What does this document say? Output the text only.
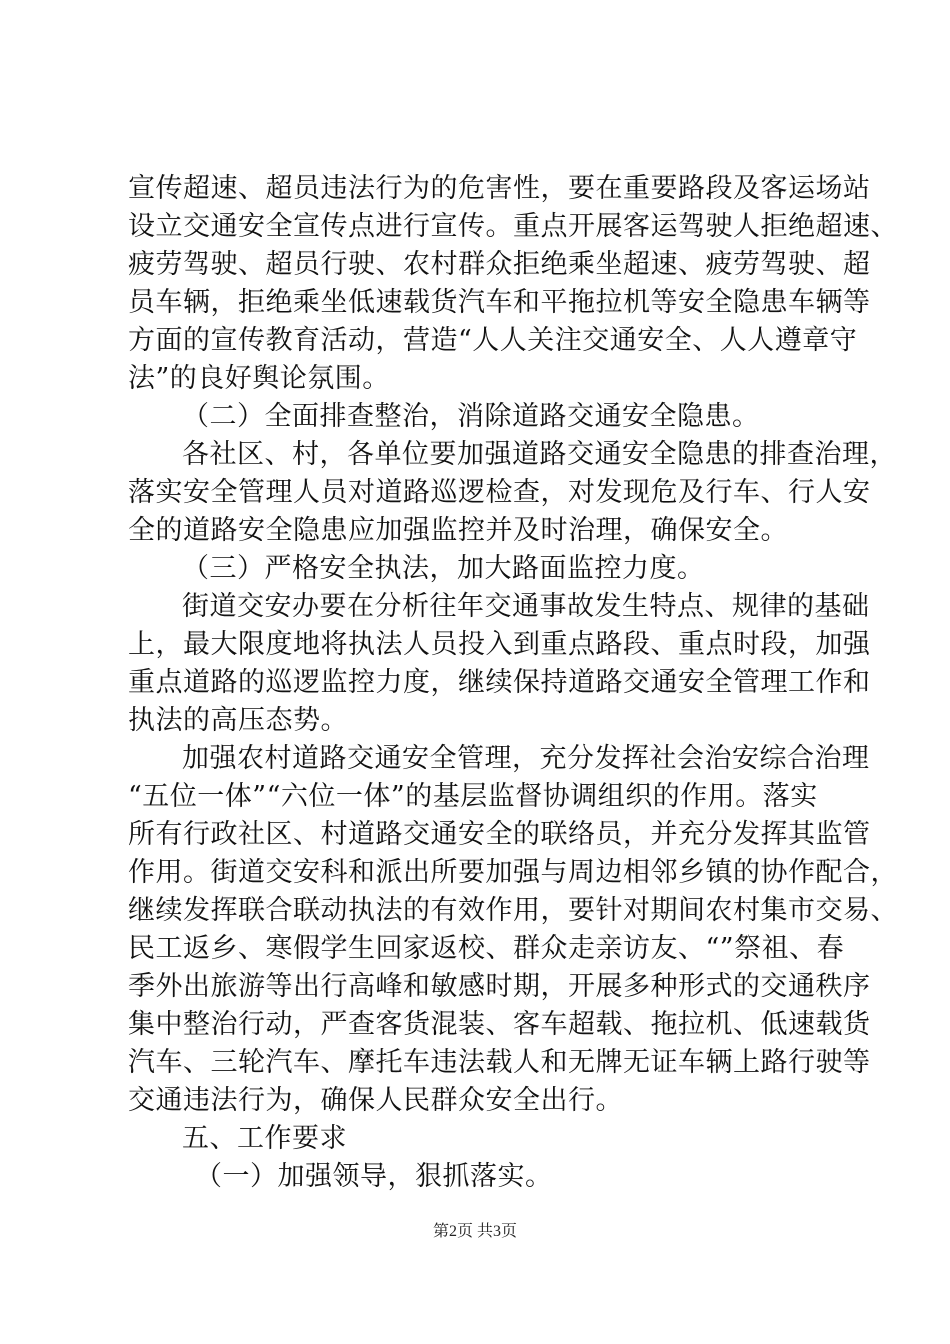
宣传超速、超员违法行为的危害性，要在重要路段及客运场站
设立交通安全宣传点进行宣传。重点开展客运驾驶人拒绝超速、
疲劳驾驶、超员行驶、农村群众拒绝乘坐超速、疲劳驾驶、超
员车辆，拒绝乘坐低速载货汽车和平拖拉机等安全隐患车辆等
方面的宣传教育活动，营造“人人关注交通安全、人人遵章守
法”的良好舆论氛围。
（二）全面排查整治，消除道路交通安全隐患。
各社区、村，各单位要加强道路交通安全隐患的排查治理，
落实安全管理人员对道路巡逻检查，对发现危及行车、行人安
全的道路安全隐患应加强监控并及时治理，确保安全。
（三）严格安全执法，加大路面监控力度。
街道交安办要在分析往年交通事故发生特点、规律的基础
上，最大限度地将执法人员投入到重点路段、重点时段，加强
重点道路的巡逻监控力度，继续保持道路交通安全管理工作和
执法的高压态势。
加强农村道路交通安全管理，充分发挥社会治安综合治理
“五位一体”“六位一体”的基层监督协调组织的作用。落实
所有行政社区、村道路交通安全的联络员，并充分发挥其监管
作用。街道交安科和派出所要加强与周边相邻乡镇的协作配合，
继续发挥联合联动执法的有效作用，要针对期间农村集市交易、
民工返乡、寒假学生回家返校、群众走亲访友、“”祭祖、春
季外出旅游等出行高峰和敏感时期，开展多种形式的交通秩序
集中整治行动，严查客货混装、客车超载、拖拉机、低速载货
汽车、三轮汽车、摩托车违法载人和无牌无证车辆上路行驶等
交通违法行为，确保人民群众安全出行。
五、工作要求
（一）加强领导，狠抓落实。
第2页 共3页
